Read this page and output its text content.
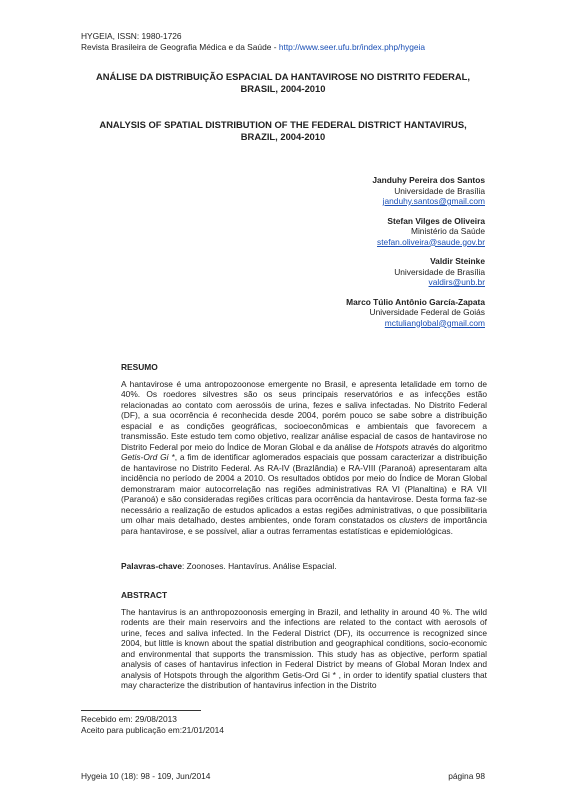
HYGEIA, ISSN: 1980-1726
Revista Brasileira de Geografia Médica e da Saúde - http://www.seer.ufu.br/index.php/hygeia
ANÁLISE DA DISTRIBUIÇÃO ESPACIAL DA HANTAVIROSE NO DISTRITO FEDERAL,
BRASIL, 2004-2010
ANALYSIS OF SPATIAL DISTRIBUTION OF THE FEDERAL DISTRICT HANTAVIRUS,
BRAZIL, 2004-2010
Janduhy Pereira dos Santos
Universidade de Brasília
janduhy.santos@gmail.com
Stefan Vilges de Oliveira
Ministério da Saúde
stefan.oliveira@saude.gov.br
Valdir Steinke
Universidade de Brasília
valdirs@unb.br
Marco Túlio Antônio García-Zapata
Universidade Federal de Goiás
mctulianglobal@gmail.com
RESUMO
A hantavirose é uma antropozoonose emergente no Brasil, e apresenta letalidade em torno de 40%. Os roedores silvestres são os seus principais reservatórios e as infecções estão relacionadas ao contato com aerossóis de urina, fezes e saliva infectadas. No Distrito Federal (DF), a sua ocorrência é reconhecida desde 2004, porém pouco se sabe sobre a distribuição espacial e as condições geográficas, socioeconômicas e ambientais que favorecem a transmissão. Este estudo tem como objetivo, realizar análise espacial de casos de hantavirose no Distrito Federal por meio do Índice de Moran Global e da análise de Hotspots através do algoritmo Getis-Ord Gi *, a fim de identificar aglomerados espaciais que possam caracterizar a distribuição de hantavirose no Distrito Federal. As RA-IV (Brazlândia) e RA-VIII (Paranoá) apresentaram alta incidência no período de 2004 a 2010. Os resultados obtidos por meio do Índice de Moran Global demonstraram maior autocorrelação nas regiões administrativas RA VI (Planaltina) e RA VII (Paranoá) e são consideradas regiões críticas para ocorrência da hantavirose. Desta forma faz-se necessário a realização de estudos aplicados a estas regiões administrativas, o que possibilitaria um olhar mais detalhado, destes ambientes, onde foram constatados os clusters de importância para hantavirose, e se possível, aliar a outras ferramentas estatísticas e epidemiológicas.
Palavras-chave: Zoonoses. Hantavírus. Análise Espacial.
ABSTRACT
The hantavirus is an anthropozoonosis emerging in Brazil, and lethality in around 40 %. The wild rodents are their main reservoirs and the infections are related to the contact with aerosols of urine, feces and saliva infected. In the Federal District (DF), its occurrence is recognized since 2004, but little is known about the spatial distribution and geographical conditions, socio-economic and environmental that supports the transmission. This study has as objective, perform spatial analysis of cases of hantavirus infection in Federal District by means of Global Moran Index and analysis of Hotspots through the algorithm Getis-Ord Gi * , in order to identify spatial clusters that may characterize the distribution of hantavirus infection in the Distrito
Recebido em: 29/08/2013
Aceito para publicação em:21/01/2014
Hygeia 10 (18): 98 - 109, Jun/2014	página 98
